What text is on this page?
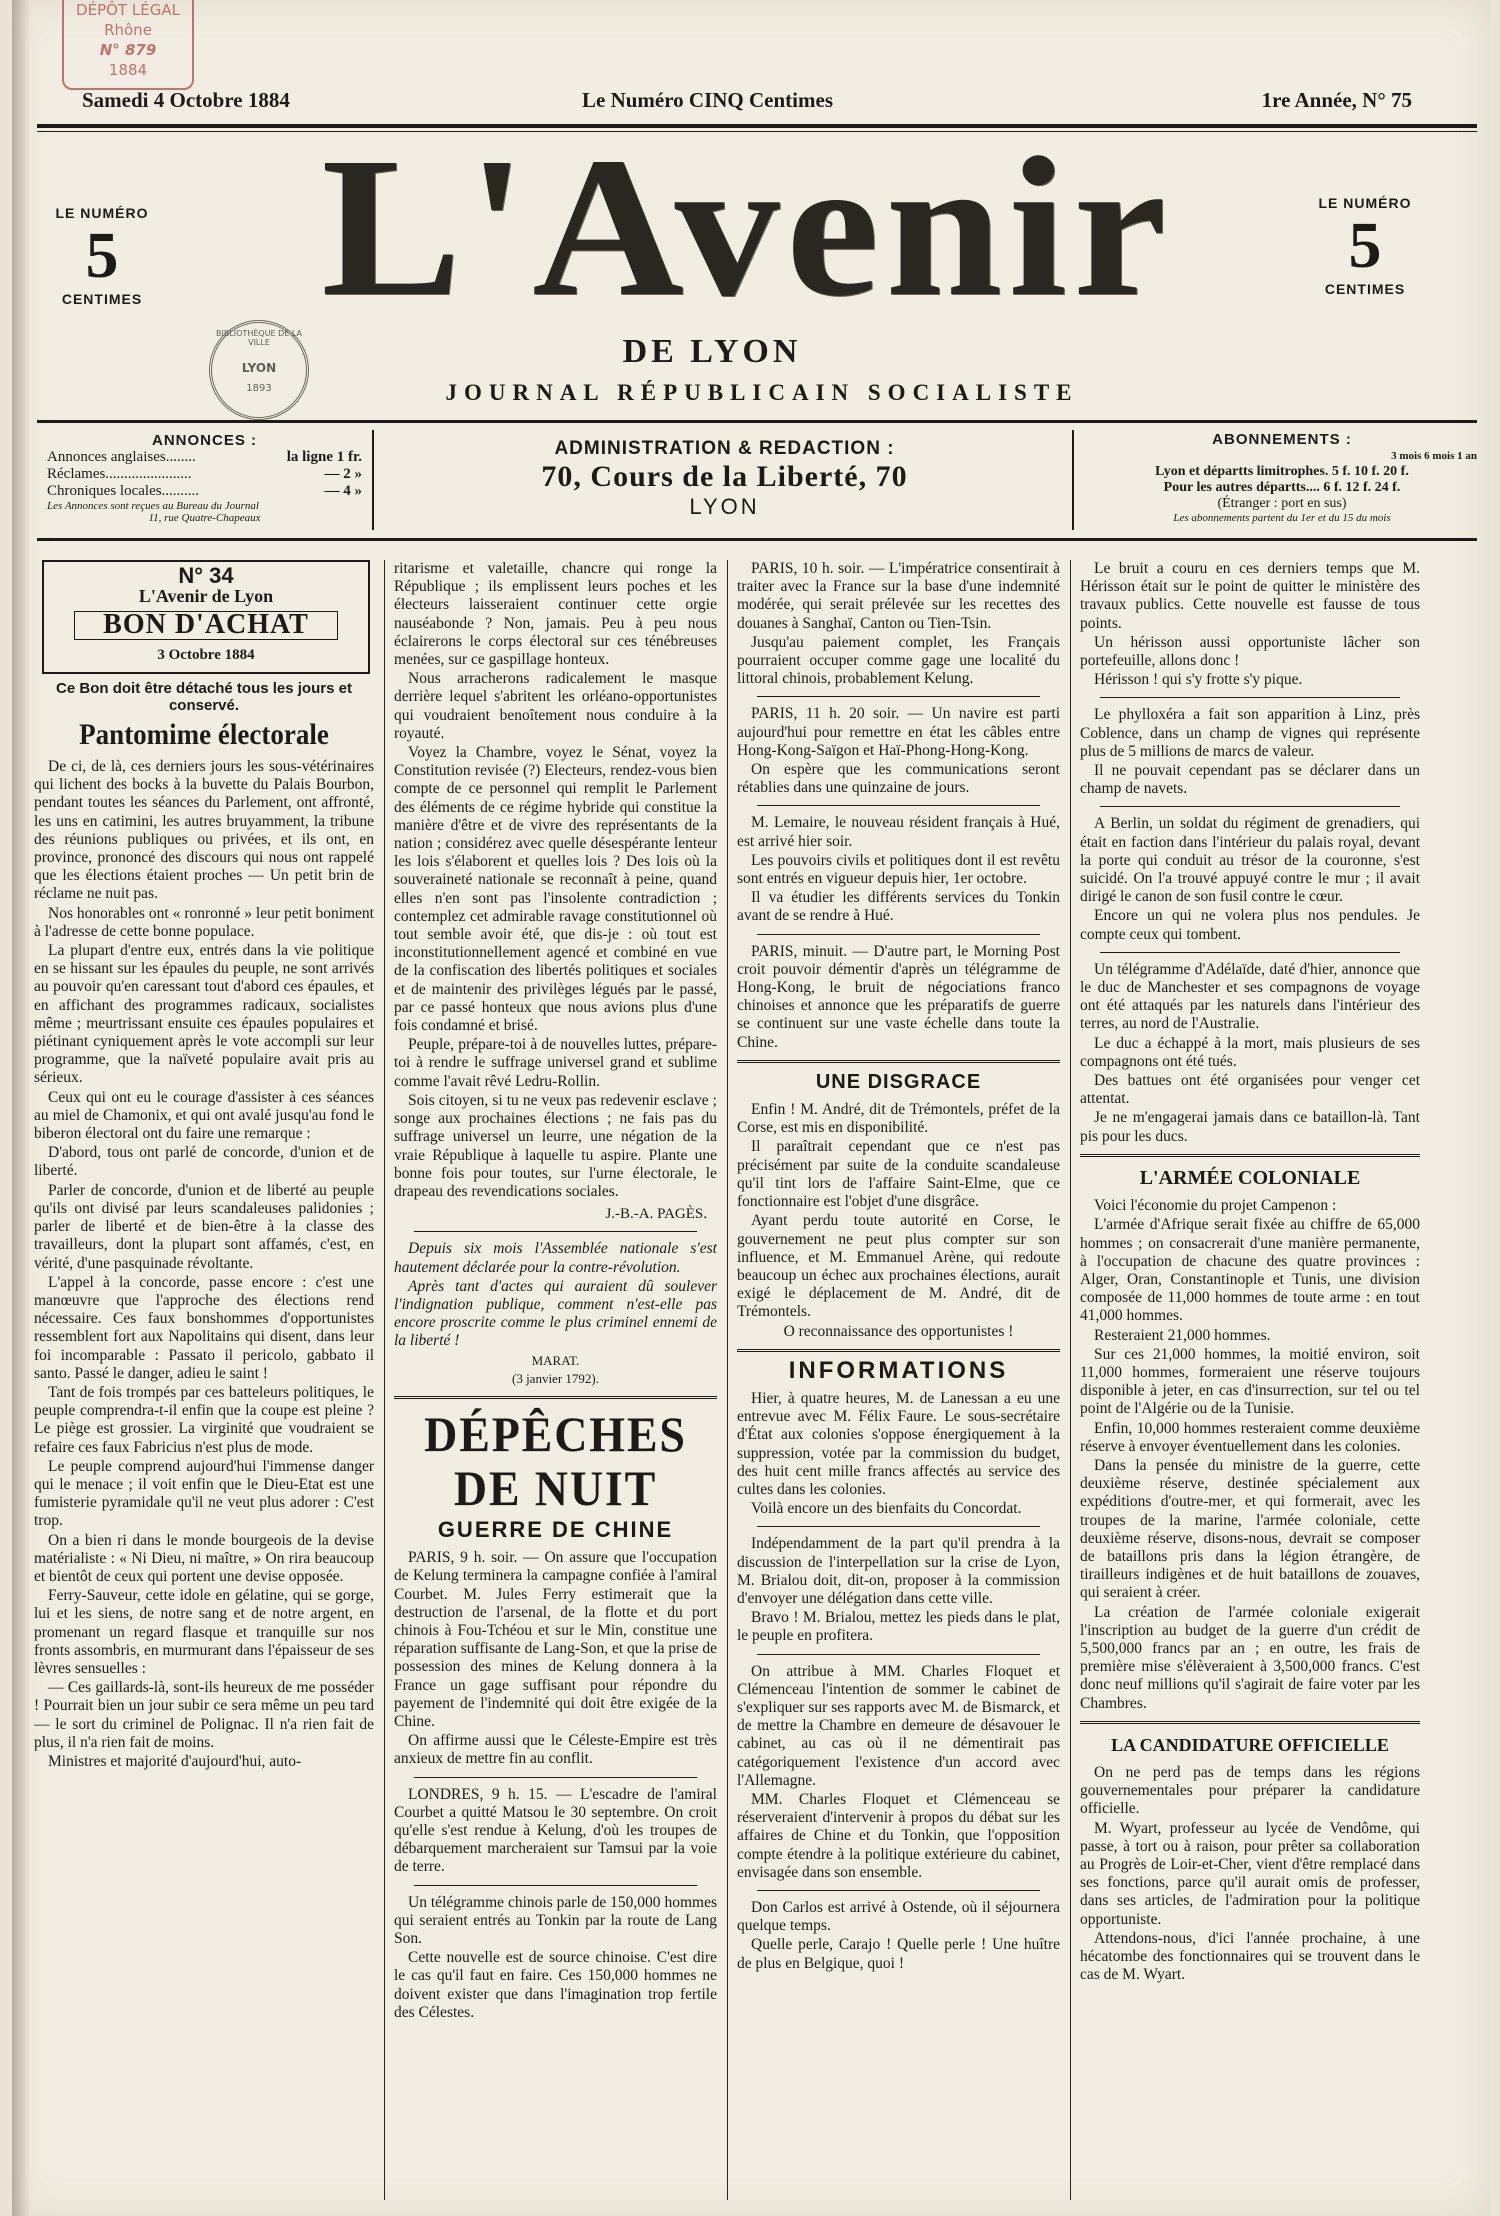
DÉPÔT LÉGAL
Rhône
N° 879
1884
Samedi 4 Octobre 1884	Le Numéro CINQ Centimes	1re Année, N° 75
LE NUMÉRO
5
CENTIMES
LE NUMÉRO
5
CENTIMES
L'Avenir
DE LYON
JOURNAL RÉPUBLICAIN SOCIALISTE
BIBLIOTHÈQUE DE LA VILLE
LYON
1893
ANNONCES :
Annonces anglaises........	la ligne 1 fr.
Réclames.......................	— 2 »
Chroniques locales..........	— 4 »
Les Annonces sont reçues au Bureau du Journal
11, rue Quatre-Chapeaux
ADMINISTRATION & REDACTION :
70, Cours de la Liberté, 70
LYON
ABONNEMENTS :
3 mois 6 mois 1 an
Lyon et départts limitrophes. 5 f. 10 f. 20 f.
Pour les autres départts.... 6 f. 12 f. 24 f.
(Étranger : port en sus)
Les abonnements partent du 1er et du 15 du mois
N° 34
L'Avenir de Lyon
BON D'ACHAT
3 Octobre 1884
Ce Bon doit être détaché tous les jours et conservé.
Pantomime électorale

De ci, de là, ces derniers jours les sous-vétérinaires qui lichent des bocks à la buvette du Palais Bourbon, pendant toutes les séances du Parlement, ont affronté, les uns en catimini, les autres bruyamment, la tribune des réunions publiques ou privées, et ils ont, en province, prononcé des discours qui nous ont rappelé que les élections étaient proches — Un petit brin de réclame ne nuit pas.

Nos honorables ont « ronronné » leur petit boniment à l'adresse de cette bonne populace.

La plupart d'entre eux, entrés dans la vie politique en se hissant sur les épaules du peuple, ne sont arrivés au pouvoir qu'en caressant tout d'abord ces épaules, et en affichant des programmes radicaux, socialistes même ; meurtrissant ensuite ces épaules populaires et piétinant cyniquement après le vote accompli sur leur programme, que la naïveté populaire avait pris au sérieux.

Ceux qui ont eu le courage d'assister à ces séances au miel de Chamonix, et qui ont avalé jusqu'au fond le biberon électoral ont du faire une remarque :

D'abord, tous ont parlé de concorde, d'union et de liberté.

Parler de concorde, d'union et de liberté au peuple qu'ils ont divisé par leurs scandaleuses palidonies ; parler de liberté et de bien-être à la classe des travailleurs, dont la plupart sont affamés, c'est, en vérité, d'une pasquinade révoltante.

L'appel à la concorde, passe encore : c'est une manœuvre que l'approche des élections rend nécessaire. Ces faux bonshommes d'opportunistes ressemblent fort aux Napolitains qui disent, dans leur foi incomparable : Passato il pericolo, gabbato il santo. Passé le danger, adieu le saint !

Tant de fois trompés par ces batteleurs politiques, le peuple comprendra-t-il enfin que la coupe est pleine ? Le piège est grossier. La virginité que voudraient se refaire ces faux Fabricius n'est plus de mode.

Le peuple comprend aujourd'hui l'immense danger qui le menace ; il voit enfin que le Dieu-Etat est une fumisterie pyramidale qu'il ne veut plus adorer : C'est trop.

On a bien ri dans le monde bourgeois de la devise matérialiste : « Ni Dieu, ni maître, » On rira beaucoup et bientôt de ceux qui portent une devise opposée.

Ferry-Sauveur, cette idole en gélatine, qui se gorge, lui et les siens, de notre sang et de notre argent, en promenant un regard flasque et tranquille sur nos fronts assombris, en murmurant dans l'épaisseur de ses lèvres sensuelles :

— Ces gaillards-là, sont-ils heureux de me posséder ! Pourrait bien un jour subir ce sera même un peu tard — le sort du criminel de Polignac. Il n'a rien fait de plus, il n'a rien fait de moins.

Ministres et majorité d'aujourd'hui, auto-

ritarisme et valetaille, chancre qui ronge la République ; ils emplissent leurs poches et les électeurs laisseraient continuer cette orgie nauséabonde ? Non, jamais. Peu à peu nous éclairerons le corps électoral sur ces ténébreuses menées, sur ce gaspillage honteux.

Nous arracherons radicalement le masque derrière lequel s'abritent les orléano-opportunistes qui voudraient benoîtement nous conduire à la royauté.

Voyez la Chambre, voyez le Sénat, voyez la Constitution revisée (?) Electeurs, rendez-vous bien compte de ce personnel qui remplit le Parlement des éléments de ce régime hybride qui constitue la manière d'être et de vivre des représentants de la nation ; considérez avec quelle désespérante lenteur les lois s'élaborent et quelles lois ? Des lois où la souveraineté nationale se reconnaît à peine, quand elles n'en sont pas l'insolente contradiction ; contemplez cet admirable ravage constitutionnel où tout semble avoir été, que dis-je : où tout est inconstitutionnellement agencé et combiné en vue de la confiscation des libertés politiques et sociales et de maintenir des privilèges légués par le passé, par ce passé honteux que nous avions plus d'une fois condamné et brisé.

Peuple, prépare-toi à de nouvelles luttes, prépare-toi à rendre le suffrage universel grand et sublime comme l'avait rêvé Ledru-Rollin.

Sois citoyen, si tu ne veux pas redevenir esclave ; songe aux prochaines élections ; ne fais pas du suffrage universel un leurre, une négation de la vraie République à laquelle tu aspire. Plante une bonne fois pour toutes, sur l'urne électorale, le drapeau des revendications sociales.

J.-B.-A. PAGÈS.

Depuis six mois l'Assemblée nationale s'est hautement déclarée pour la contre-révolution.

Après tant d'actes qui auraient dû soulever l'indignation publique, comment n'est-elle pas encore proscrite comme le plus criminel ennemi de la liberté !

MARAT.
(3 janvier 1792).
DÉPÊCHES DE NUIT
GUERRE DE CHINE

PARIS, 9 h. soir. — On assure que l'occupation de Kelung terminera la campagne confiée à l'amiral Courbet. M. Jules Ferry estimerait que la destruction de l'arsenal, de la flotte et du port chinois à Fou-Tchéou et sur le Min, constitue une réparation suffisante de Lang-Son, et que la prise de possession des mines de Kelung donnera à la France un gage suffisant pour répondre du payement de l'indemnité qui doit être exigée de la Chine.

On affirme aussi que le Céleste-Empire est très anxieux de mettre fin au conflit.

LONDRES, 9 h. 15. — L'escadre de l'amiral Courbet a quitté Matsou le 30 septembre. On croit qu'elle s'est rendue à Kelung, d'où les troupes de débarquement marcheraient sur Tamsui par la voie de terre.

Un télégramme chinois parle de 150,000 hommes qui seraient entrés au Tonkin par la route de Lang Son.

Cette nouvelle est de source chinoise. C'est dire le cas qu'il faut en faire. Ces 150,000 hommes ne doivent exister que dans l'imagination trop fertile des Célestes.

PARIS, 10 h. soir. — L'impératrice consentirait à traiter avec la France sur la base d'une indemnité modérée, qui serait prélevée sur les recettes des douanes à Sanghaï, Canton ou Tien-Tsin.

Jusqu'au paiement complet, les Français pourraient occuper comme gage une localité du littoral chinois, probablement Kelung.

PARIS, 11 h. 20 soir. — Un navire est parti aujourd'hui pour remettre en état les câbles entre Hong-Kong-Saïgon et Haï-Phong-Hong-Kong.

On espère que les communications seront rétablies dans une quinzaine de jours.

M. Lemaire, le nouveau résident français à Hué, est arrivé hier soir.

Les pouvoirs civils et politiques dont il est revêtu sont entrés en vigueur depuis hier, 1er octobre.

Il va étudier les différents services du Tonkin avant de se rendre à Hué.

PARIS, minuit. — D'autre part, le Morning Post croit pouvoir démentir d'après un télégramme de Hong-Kong, le bruit de négociations franco chinoises et annonce que les préparatifs de guerre se continuent sur une vaste échelle dans toute la Chine.

UNE DISGRACE

Enfin ! M. André, dit de Trémontels, préfet de la Corse, est mis en disponibilité.

Il paraîtrait cependant que ce n'est pas précisément par suite de la conduite scandaleuse qu'il tint lors de l'affaire Saint-Elme, que ce fonctionnaire est l'objet d'une disgrâce.

Ayant perdu toute autorité en Corse, le gouvernement ne peut plus compter sur son influence, et M. Emmanuel Arène, qui redoute beaucoup un échec aux prochaines élections, aurait exigé le déplacement de M. André, dit de Trémontels.

O reconnaissance des opportunistes !
INFORMATIONS

Hier, à quatre heures, M. de Lanessan a eu une entrevue avec M. Félix Faure. Le sous-secrétaire d'État aux colonies s'oppose énergiquement à la suppression, votée par la commission du budget, des huit cent mille francs affectés au service des cultes dans les colonies.

Voilà encore un des bienfaits du Concordat.

Indépendamment de la part qu'il prendra à la discussion de l'interpellation sur la crise de Lyon, M. Brialou doit, dit-on, proposer à la commission d'envoyer une délégation dans cette ville.

Bravo ! M. Brialou, mettez les pieds dans le plat, le peuple en profitera.

On attribue à MM. Charles Floquet et Clémenceau l'intention de sommer le cabinet de s'expliquer sur ses rapports avec M. de Bismarck, et de mettre la Chambre en demeure de désavouer le cabinet, au cas où il ne démentirait pas catégoriquement l'existence d'un accord avec l'Allemagne.

MM. Charles Floquet et Clémenceau se réserveraient d'intervenir à propos du débat sur les affaires de Chine et du Tonkin, que l'opposition compte étendre à la politique extérieure du cabinet, envisagée dans son ensemble.

Don Carlos est arrivé à Ostende, où il séjournera quelque temps.

Quelle perle, Carajo ! Quelle perle ! Une huître de plus en Belgique, quoi !

Le bruit a couru en ces derniers temps que M. Hérisson était sur le point de quitter le ministère des travaux publics. Cette nouvelle est fausse de tous points.

Un hérisson aussi opportuniste lâcher son portefeuille, allons donc !

Hérisson ! qui s'y frotte s'y pique.

Le phylloxéra a fait son apparition à Linz, près Coblence, dans un champ de vignes qui représente plus de 5 millions de marcs de valeur.

Il ne pouvait cependant pas se déclarer dans un champ de navets.

A Berlin, un soldat du régiment de grenadiers, qui était en faction dans l'intérieur du palais royal, devant la porte qui conduit au trésor de la couronne, s'est suicidé. On l'a trouvé appuyé contre le mur ; il avait dirigé le canon de son fusil contre le cœur.

Encore un qui ne volera plus nos pendules. Je compte ceux qui tombent.

Un télégramme d'Adélaïde, daté d'hier, annonce que le duc de Manchester et ses compagnons de voyage ont été attaqués par les naturels dans l'intérieur des terres, au nord de l'Australie.

Le duc a échappé à la mort, mais plusieurs de ses compagnons ont été tués.

Des battues ont été organisées pour venger cet attentat.

Je ne m'engagerai jamais dans ce bataillon-là. Tant pis pour les ducs.

L'ARMÉE COLONIALE

Voici l'économie du projet Campenon :

L'armée d'Afrique serait fixée au chiffre de 65,000 hommes ; on consacrerait d'une manière permanente, à l'occupation de chacune des quatre provinces : Alger, Oran, Constantinople et Tunis, une division composée de 11,000 hommes de toute arme : en tout 41,000 hommes.

Resteraient 21,000 hommes.

Sur ces 21,000 hommes, la moitié environ, soit 11,000 hommes, formeraient une réserve toujours disponible à jeter, en cas d'insurrection, sur tel ou tel point de l'Algérie ou de la Tunisie.

Enfin, 10,000 hommes resteraient comme deuxième réserve à envoyer éventuellement dans les colonies.

Dans la pensée du ministre de la guerre, cette deuxième réserve, destinée spécialement aux expéditions d'outre-mer, et qui formerait, avec les troupes de la marine, l'armée coloniale, cette deuxième réserve, disons-nous, devrait se composer de bataillons pris dans la légion étrangère, de tirailleurs indigènes et de huit bataillons de zouaves, qui seraient à créer.

La création de l'armée coloniale exigerait l'inscription au budget de la guerre d'un crédit de 5,500,000 francs par an ; en outre, les frais de première mise s'élèveraient à 3,500,000 francs. C'est donc neuf millions qu'il s'agirait de faire voter par les Chambres.

LA CANDIDATURE OFFICIELLE

On ne perd pas de temps dans les régions gouvernementales pour préparer la candidature officielle.

M. Wyart, professeur au lycée de Vendôme, qui passe, à tort ou à raison, pour prêter sa collaboration au Progrès de Loir-et-Cher, vient d'être remplacé dans ses fonctions, parce qu'il aurait omis de professer, dans ses articles, de l'admiration pour la politique opportuniste.

Attendons-nous, d'ici l'année prochaine, à une hécatombe des fonctionnaires qui se trouvent dans le cas de M. Wyart.
